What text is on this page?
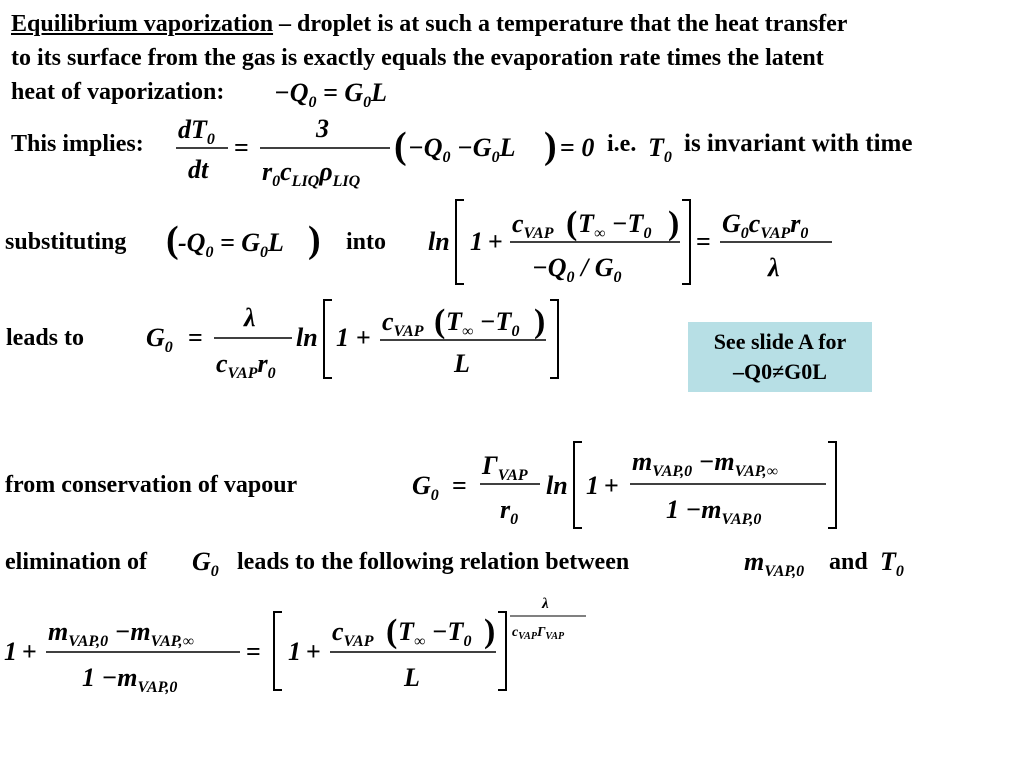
Equilibrium vaporization – droplet is at such a temperature that the heat transfer
to its surface from the gas is exactly equals the evaporation rate times the latent
heat of vaporization:
This implies:	i.e. is invariant with time
substituting	into
leads to
from conservation of vapour
elimination of	leads to the following relation between	and
See slide A for
–Q0≠G0L
$-Q_0 = G_0L$
$dT_0$
dt
=
3
$r_0c_{LIQ}\rho_{LIQ}$
( $-Q_0 -G_0L$ ) = 0 $T_0$
( $-Q_0 = G_0L$ )	ln 1 +
$c_{VAP}$ ( $T_\infty -T_0$ )
$-Q_0 / G_0$
=
$G_0c_{VAP}r_0$
λ
$G_0$ =
λ
$c_{VAP}r_0$
ln 1 +
$c_{VAP}$ ( $T_\infty -T_0$ )
L
$G_0$ =
$\Gamma_{VAP}$
$r_0$
ln 1 +
$m_{VAP,0} -m_{VAP,\infty}$
$1 -m_{VAP,0}$
$G_0$	$m_{VAP,0}$	$T_0$
1 +
$m_{VAP,0} -m_{VAP,\infty}$
$1 -m_{VAP,0}$
= 1 +
$c_{VAP}$ ( $T_\infty -T_0$ )
L
λ
$c_{VAP}\Gamma_{VAP}$
